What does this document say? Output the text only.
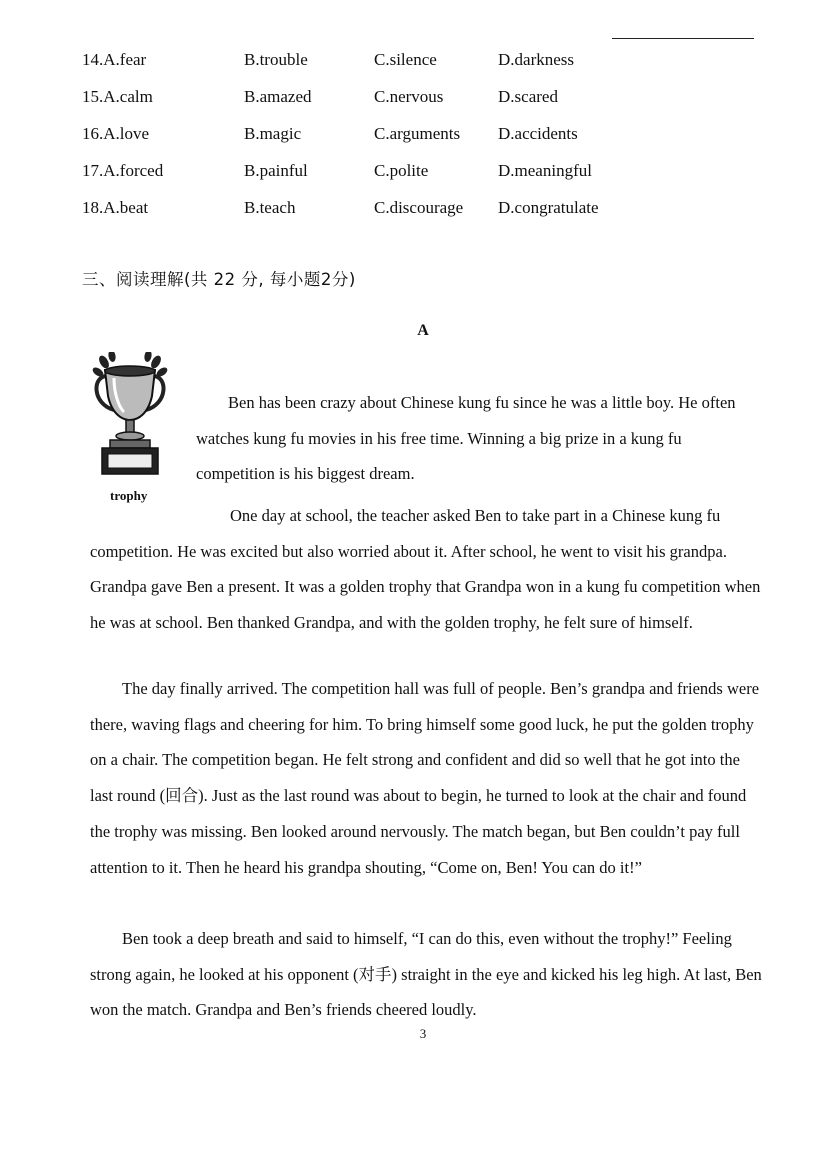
14.A.fear	B.trouble	C.silence	D.darkness
15.A.calm	B.amazed	C.nervous	D.scared
16.A.love	B.magic	C.arguments D.accidents
17.A.forced	B.painful	C.polite	D.meaningful
18.A.beat	B.teach	C.discourage D.congratulate
三、阅读理解(共 22 分, 每小题2分)
A
trophy

Ben has been crazy about Chinese kung fu since he was a little boy. He often watches kung fu movies in his free time. Winning a big prize in a kung fu competition is his biggest dream.

One day at school, the teacher asked Ben to take part in a Chinese kung fu competition. He was excited but also worried about it. After school, he went to visit his grandpa. Grandpa gave Ben a present. It was a golden trophy that Grandpa won in a kung fu competition when he was at school. Ben thanked Grandpa, and with the golden trophy, he felt sure of himself.

The day finally arrived. The competition hall was full of people. Ben’s grandpa and friends were there, waving flags and cheering for him. To bring himself some good luck, he put the golden trophy on a chair. The competition began. He felt strong and confident and did so well that he got into the last round (回合). Just as the last round was about to begin, he turned to look at the chair and found the trophy was missing. Ben looked around nervously. The match began, but Ben couldn’t pay full attention to it. Then he heard his grandpa shouting, “Come on, Ben! You can do it!”

Ben took a deep breath and said to himself, “I can do this, even without the trophy!” Feeling strong again, he looked at his opponent (对手) straight in the eye and kicked his leg high. At last, Ben won the match. Grandpa and Ben’s friends cheered loudly.

3
